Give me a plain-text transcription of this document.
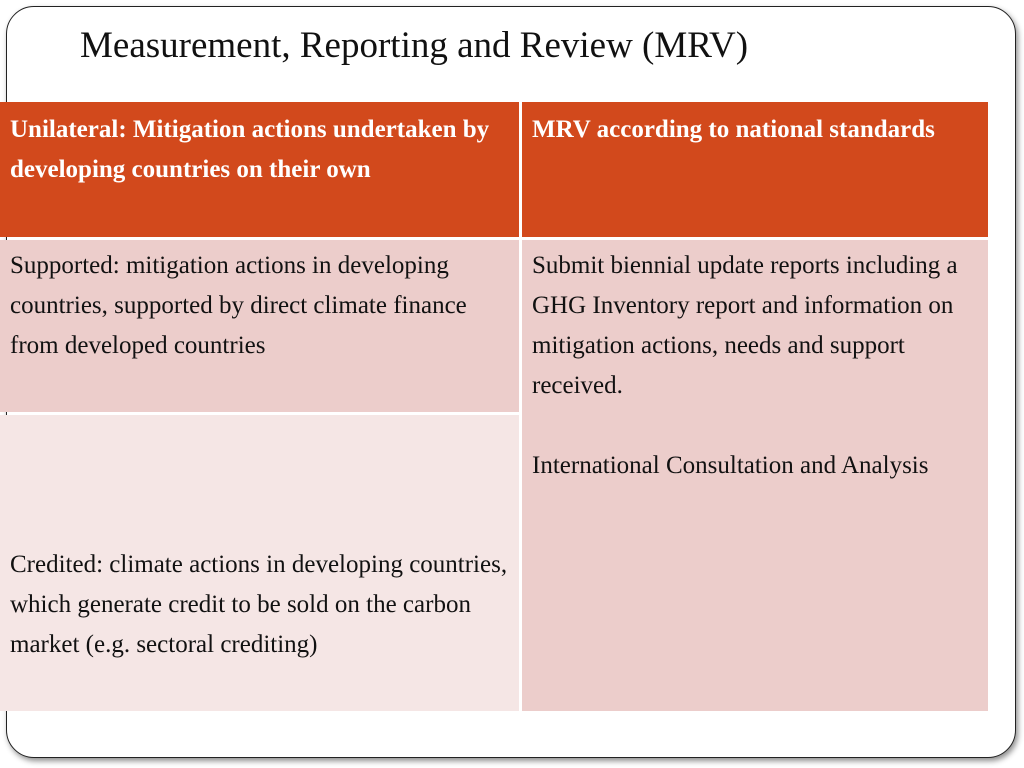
Measurement, Reporting and Review (MRV)
Unilateral: Mitigation actions undertaken by developing countries on their own
MRV according to national standards
Supported: mitigation actions in developing countries, supported by direct climate finance from developed countries
Submit biennial update reports including a GHG Inventory report and information on mitigation actions, needs and support received.
International Consultation and Analysis
Credited: climate actions in developing countries, which generate credit to be sold on the carbon market (e.g. sectoral crediting)
